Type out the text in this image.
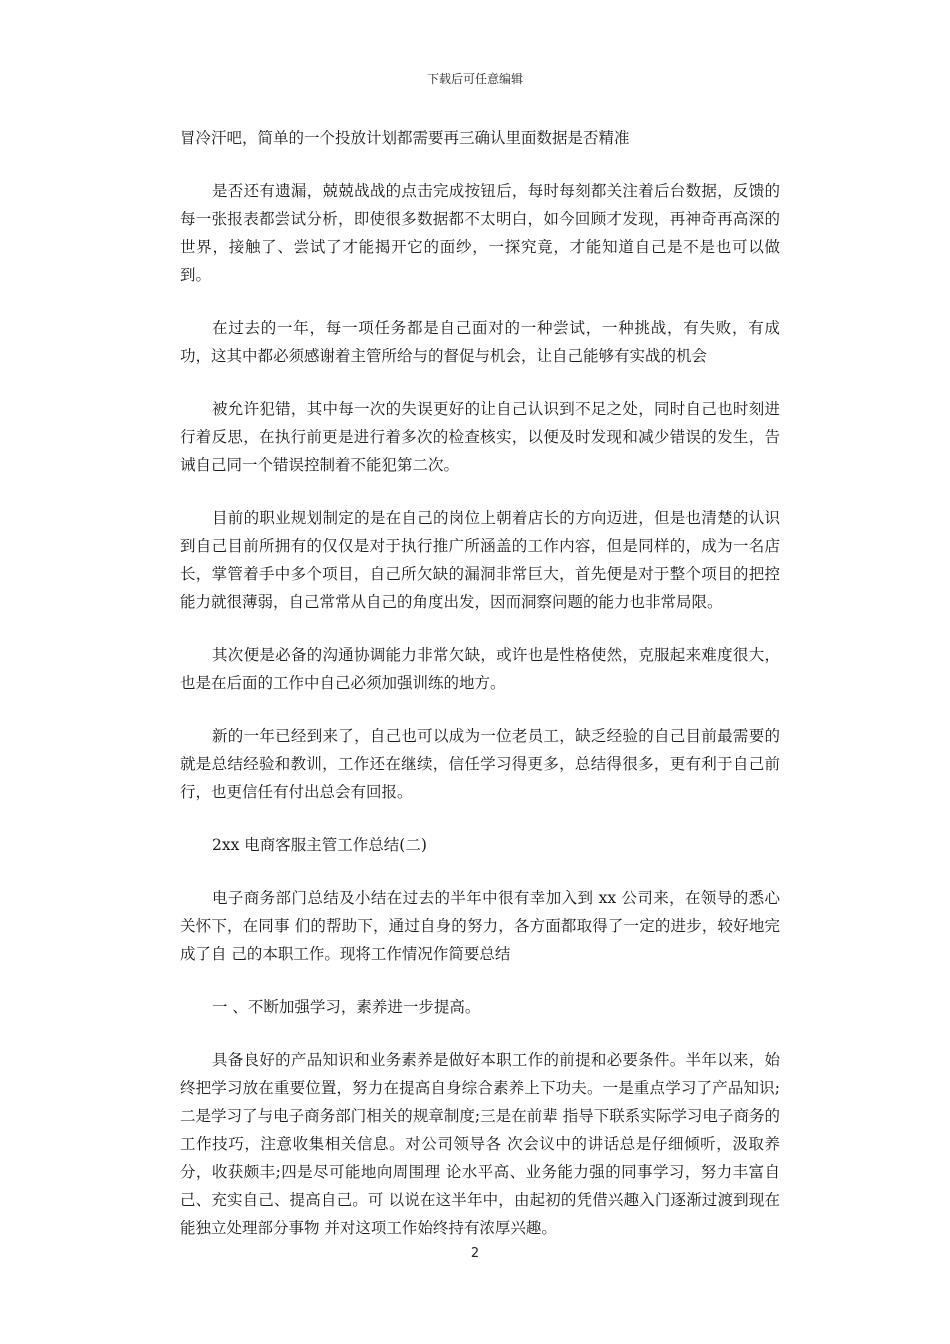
下载后可任意编辑

冒冷汗吧，简单的一个投放计划都需要再三确认里面数据是否精准

是否还有遗漏，兢兢战战的点击完成按钮后，每时每刻都关注着后台数据，反馈的每一张报表都尝试分析，即使很多数据都不太明白，如今回顾才发现，再神奇再高深的世界，接触了、尝试了才能揭开它的面纱，一探究竟，才能知道自己是不是也可以做到。

在过去的一年，每一项任务都是自己面对的一种尝试，一种挑战，有失败，有成功，这其中都必须感谢着主管所给与的督促与机会，让自己能够有实战的机会

被允许犯错，其中每一次的失误更好的让自己认识到不足之处，同时自己也时刻进行着反思，在执行前更是进行着多次的检查核实，以便及时发现和减少错误的发生，告诫自己同一个错误控制着不能犯第二次。

目前的职业规划制定的是在自己的岗位上朝着店长的方向迈进，但是也清楚的认识到自己目前所拥有的仅仅是对于执行推广所涵盖的工作内容，但是同样的，成为一名店长，掌管着手中多个项目，自己所欠缺的漏洞非常巨大，首先便是对于整个项目的把控能力就很薄弱，自己常常从自己的角度出发，因而洞察问题的能力也非常局限。

其次便是必备的沟通协调能力非常欠缺，或许也是性格使然，克服起来难度很大，也是在后面的工作中自己必须加强训练的地方。

新的一年已经到来了，自己也可以成为一位老员工，缺乏经验的自己目前最需要的就是总结经验和教训，工作还在继续，信任学习得更多，总结得很多，更有利于自己前行，也更信任有付出总会有回报。

2xx 电商客服主管工作总结(二)

电子商务部门总结及小结在过去的半年中很有幸加入到 xx 公司来，在领导的悉心关怀下，在同事 们的帮助下，通过自身的努力，各方面都取得了一定的进步，较好地完成了自 己的本职工作。现将工作情况作简要总结

一 、不断加强学习，素养进一步提高。

具备良好的产品知识和业务素养是做好本职工作的前提和必要条件。半年以来，始终把学习放在重要位置，努力在提高自身综合素养上下功夫。一是重点学习了产品知识;二是学习了与电子商务部门相关的规章制度;三是在前辈 指导下联系实际学习电子商务的工作技巧，注意收集相关信息。对公司领导各 次会议中的讲话总是仔细倾听，汲取养分，收获颇丰;四是尽可能地向周围理 论水平高、业务能力强的同事学习，努力丰富自己、充实自己、提高自己。可 以说在这半年中，由起初的凭借兴趣入门逐渐过渡到现在能独立处理部分事物 并对这项工作始终持有浓厚兴趣。

2
